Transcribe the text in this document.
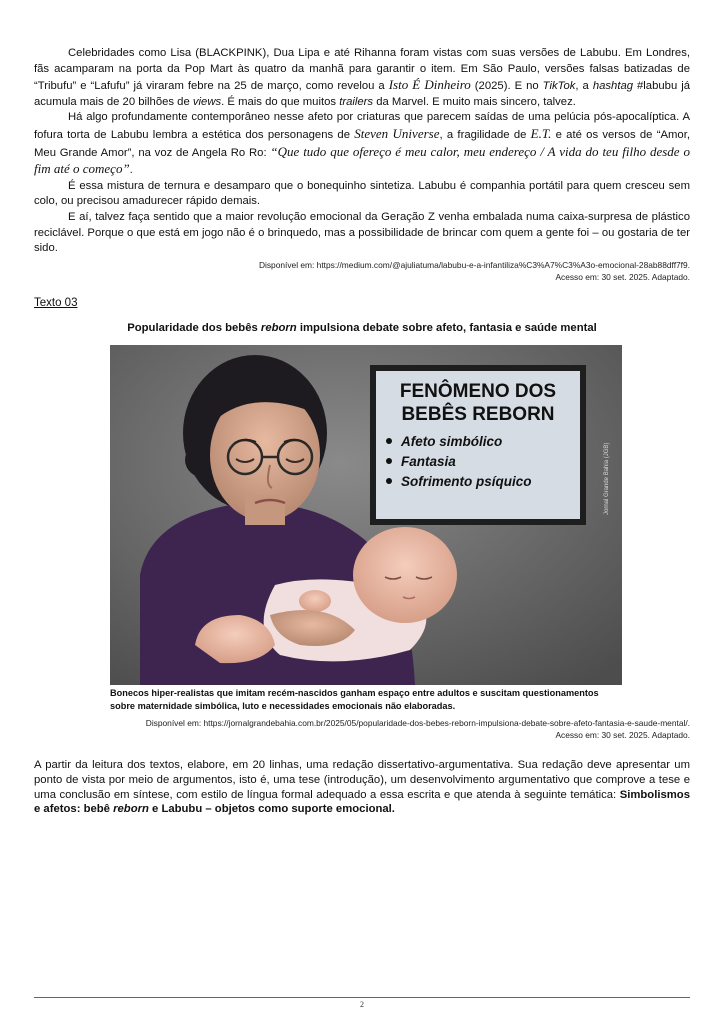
Celebridades como Lisa (BLACKPINK), Dua Lipa e até Rihanna foram vistas com suas versões de Labubu. Em Londres, fãs acamparam na porta da Pop Mart às quatro da manhã para garantir o item. Em São Paulo, versões falsas batizadas de “Tribufu” e “Lafufu” já viraram febre na 25 de março, como revelou a Isto É Dinheiro (2025). E no TikTok, a hashtag #labubu já acumula mais de 20 bilhões de views. É mais do que muitos trailers da Marvel. E muito mais sincero, talvez.

Há algo profundamente contemporâneo nesse afeto por criaturas que parecem saídas de uma pelúcia pós-apocalíptica. A fofura torta de Labubu lembra a estética dos personagens de Steven Universe, a fragilidade de E.T. e até os versos de “Amor, Meu Grande Amor”, na voz de Angela Ro Ro: “Que tudo que ofereço é meu calor, meu endereço / A vida do teu filho desde o fim até o começo”.

É essa mistura de ternura e desamparo que o bonequinho sintetiza. Labubu é companhia portátil para quem cresceu sem colo, ou precisou amadurecer rápido demais.

E aí, talvez faça sentido que a maior revolução emocional da Geração Z venha embalada numa caixa-surpresa de plástico reciclável. Porque o que está em jogo não é o brinquedo, mas a possibilidade de brincar com quem a gente foi – ou gostaria de ter sido.

Disponível em: https://medium.com/@ajuliatuma/labubu-e-a-infantiliza%C3%A7%C3%A3o-emocional-28ab88dff7f9.
Acesso em: 30 set. 2025. Adaptado.
Texto 03
Popularidade dos bebês reborn impulsiona debate sobre afeto, fantasia e saúde mental
FENÔMENO DOS
BEBÊS REBORN
Afeto simbólico
Fantasia
Sofrimento psíquico	Jornal Grande Bahia (JGB)
Bonecos hiper-realistas que imitam recém-nascidos ganham espaço entre adultos e suscitam questionamentos sobre maternidade simbólica, luto e necessidades emocionais não elaboradas.
Disponível em: https://jornalgrandebahia.com.br/2025/05/popularidade-dos-bebes-reborn-impulsiona-debate-sobre-afeto-fantasia-e-saude-mental/.
Acesso em: 30 set. 2025. Adaptado.
A partir da leitura dos textos, elabore, em 20 linhas, uma redação dissertativo-argumentativa. Sua redação deve apresentar um ponto de vista por meio de argumentos, isto é, uma tese (introdução), um desenvolvimento argumentativo que comprove a tese e uma conclusão em síntese, com estilo de língua formal adequado a essa escrita e que atenda à seguinte temática: Simbolismos e afetos: bebê reborn e Labubu – objetos como suporte emocional.
2
